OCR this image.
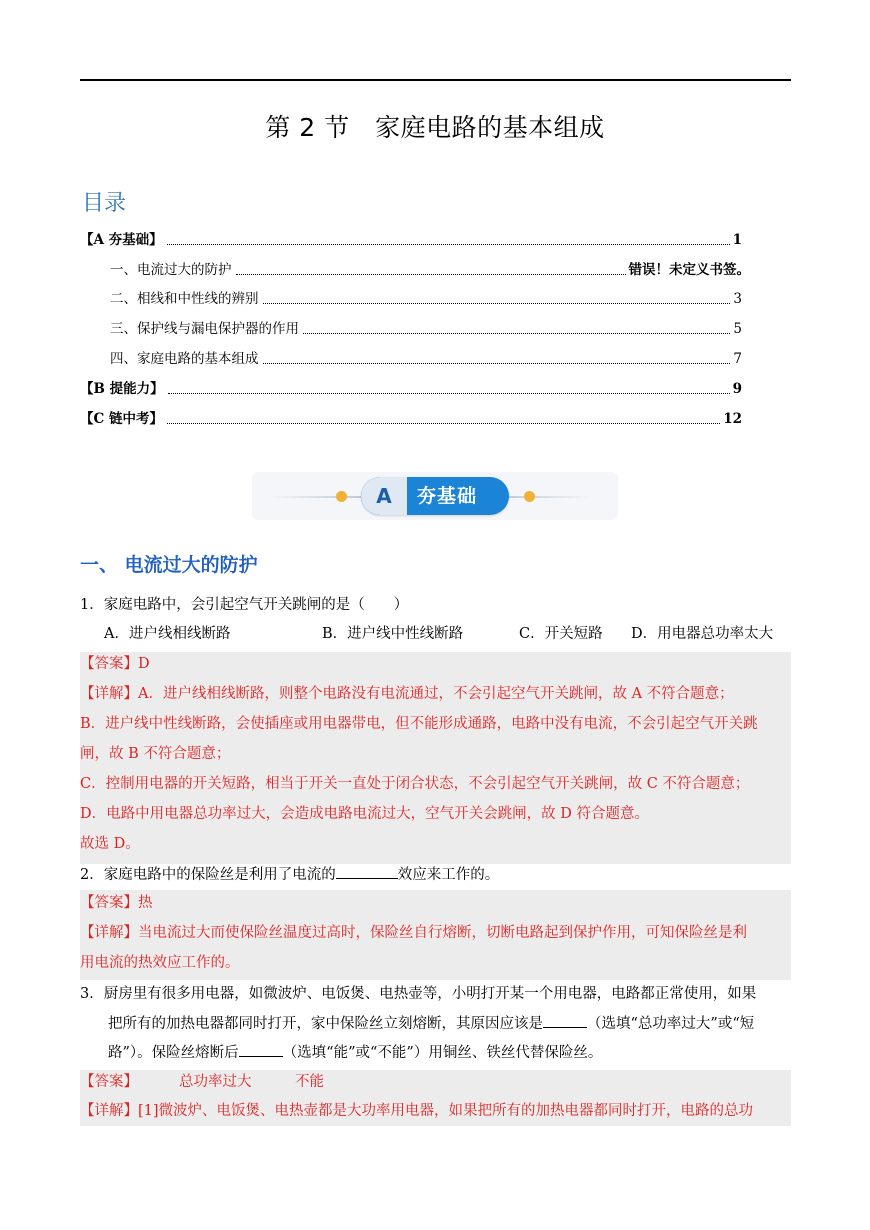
第 2 节　家庭电路的基本组成
目录
【A 夯基础】	1
一、电流过大的防护	错误！未定义书签。
二、相线和中性线的辨别	3
三、保护线与漏电保护器的作用	5
四、家庭电路的基本组成	7
【B 提能力】	9
【C 链中考】	12
A	夯基础
一、 电流过大的防护
1．家庭电路中，会引起空气开关跳闸的是（　　）
A．进户线相线断路	B．进户线中性线断路	C．开关短路 D．用电器总功率太大
【答案】D
【详解】A．进户线相线断路，则整个电路没有电流通过，不会引起空气开关跳闸，故 A 不符合题意；
B．进户线中性线断路，会使插座或用电器带电，但不能形成通路，电路中没有电流，不会引起空气开关跳
闸，故 B 不符合题意；
C．控制用电器的开关短路，相当于开关一直处于闭合状态，不会引起空气开关跳闸，故 C 不符合题意；
D．电路中用电器总功率过大，会造成电路电流过大，空气开关会跳闸，故 D 符合题意。
故选 D。
2．家庭电路中的保险丝是利用了电流的	效应来工作的。
【答案】热
【详解】当电流过大而使保险丝温度过高时，保险丝自行熔断，切断电路起到保护作用，可知保险丝是利
用电流的热效应工作的。
3．厨房里有很多用电器，如微波炉、电饭煲、电热壶等，小明打开某一个用电器，电路都正常使用，如果
把所有的加热电器都同时打开，家中保险丝立刻熔断，其原因应该是	（选填“总功率过大”或“短
路”）。保险丝熔断后	（选填“能”或“不能”）用铜丝、铁丝代替保险丝。
【答案】	总功率过大	不能
【详解】[1]微波炉、电饭煲、电热壶都是大功率用电器，如果把所有的加热电器都同时打开，电路的总功
